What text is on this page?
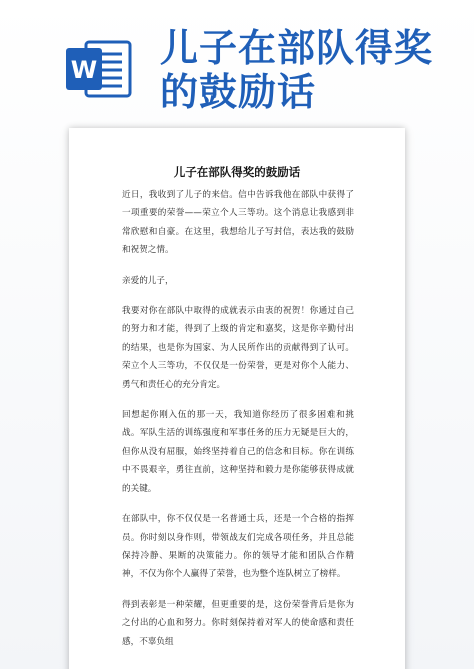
W 儿子在部队得奖的鼓励话
儿子在部队得奖的鼓励话

近日，我收到了儿子的来信。信中告诉我他在部队中获得了一项重要的荣誉——荣立个人三等功。这个消息让我感到非常欣慰和自豪。在这里，我想给儿子写封信，表达我的鼓励和祝贺之情。

亲爱的儿子，

我要对你在部队中取得的成就表示由衷的祝贺！你通过自己的努力和才能，得到了上级的肯定和嘉奖，这是你辛勤付出的结果，也是你为国家、为人民所作出的贡献得到了认可。荣立个人三等功，不仅仅是一份荣誉，更是对你个人能力、勇气和责任心的充分肯定。

回想起你刚入伍的那一天，我知道你经历了很多困难和挑战。军队生活的训练强度和军事任务的压力无疑是巨大的，但你从没有屈服，始终坚持着自己的信念和目标。你在训练中不畏艰辛，勇往直前，这种坚持和毅力是你能够获得成就的关键。

在部队中，你不仅仅是一名普通士兵，还是一个合格的指挥员。你时刻以身作则，带领战友们完成各项任务，并且总能保持冷静、果断的决策能力。你的领导才能和团队合作精神，不仅为你个人赢得了荣誉，也为整个连队树立了榜样。

得到表彰是一种荣耀，但更重要的是，这份荣誉背后是你为之付出的心血和努力。你时刻保持着对军人的使命感和责任感，不辜负组
